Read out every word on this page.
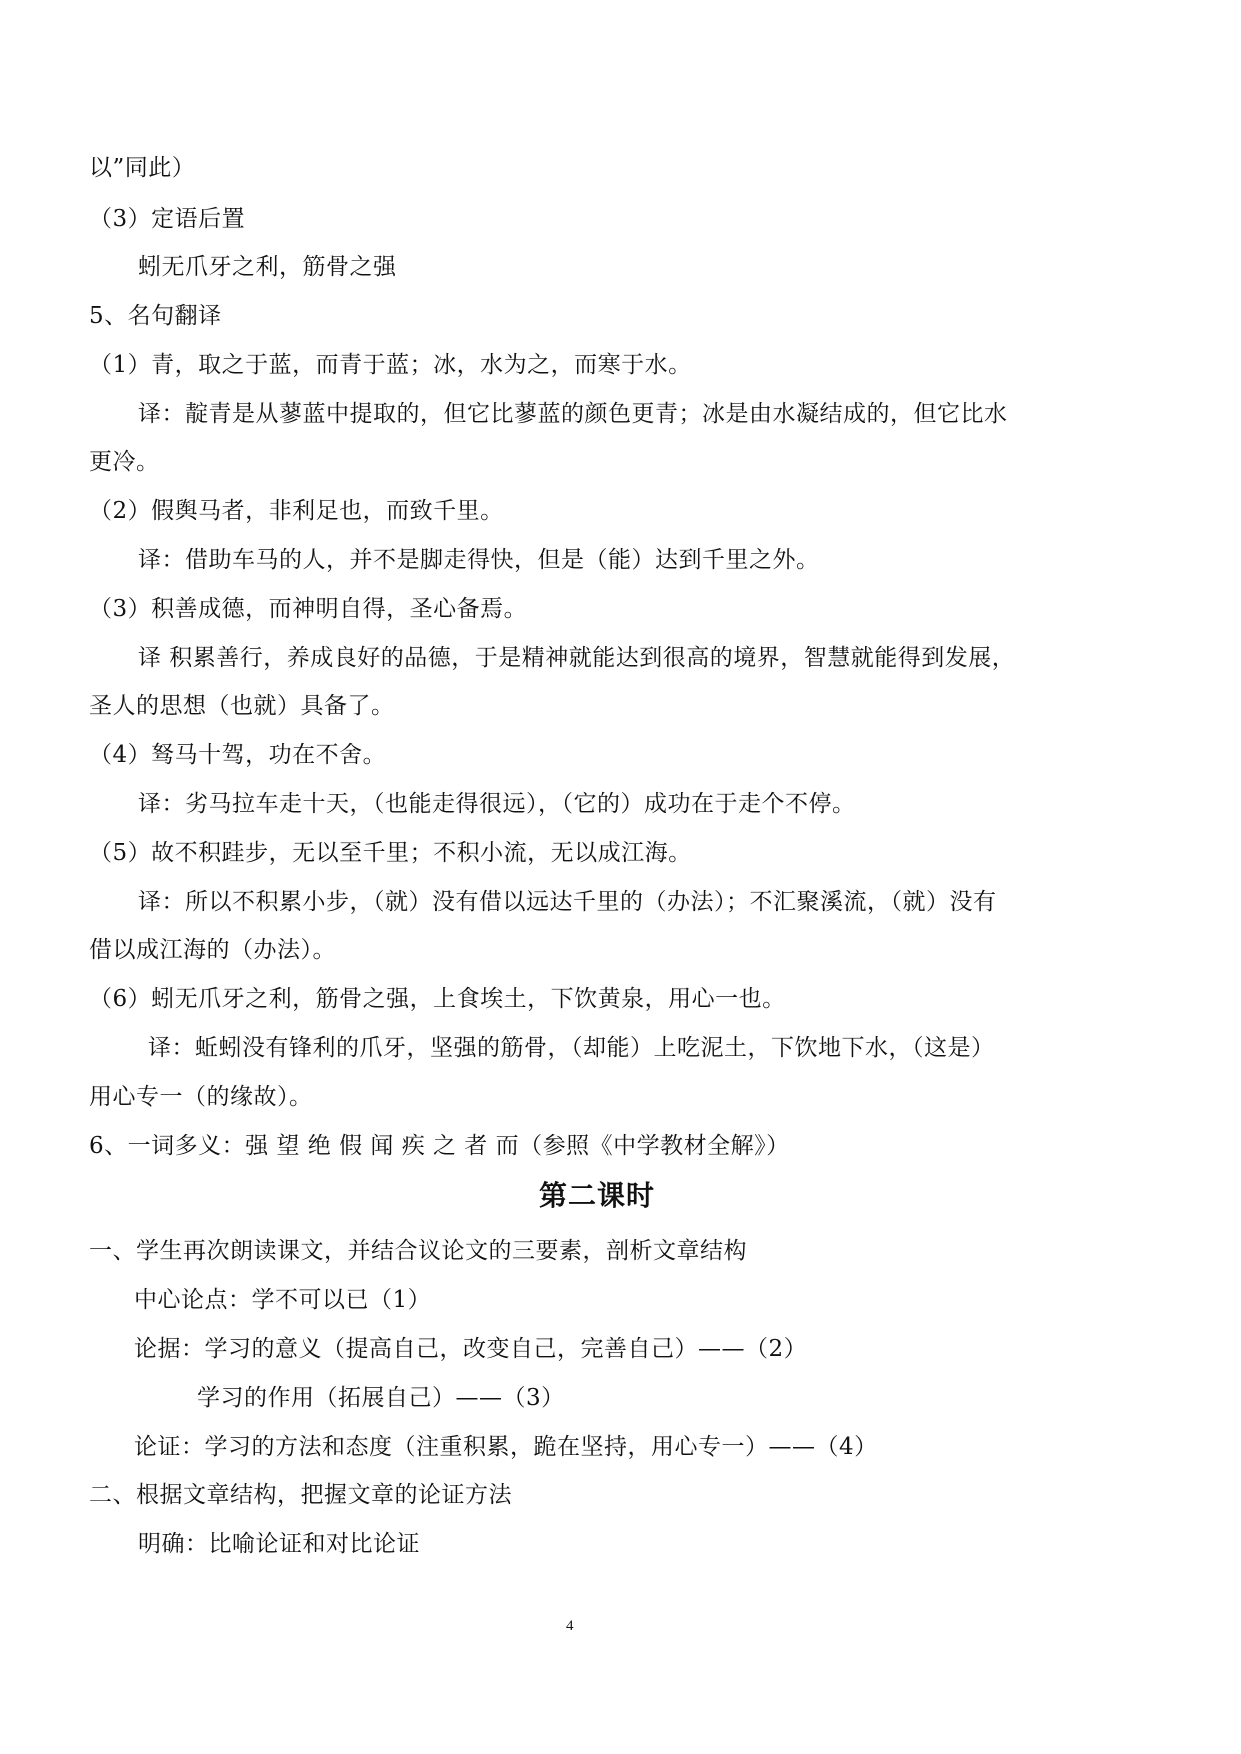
以”同此）
（3）定语后置
蚓无爪牙之利，筋骨之强
5、名句翻译
（1）青，取之于蓝，而青于蓝；冰，水为之，而寒于水。
译：靛青是从蓼蓝中提取的，但它比蓼蓝的颜色更青；冰是由水凝结成的，但它比水
更冷。
（2）假舆马者，非利足也，而致千里。
译：借助车马的人，并不是脚走得快，但是（能）达到千里之外。
（3）积善成德，而神明自得，圣心备焉。
译 积累善行，养成良好的品德，于是精神就能达到很高的境界，智慧就能得到发展，
圣人的思想（也就）具备了。
（4）驽马十驾，功在不舍。
译：劣马拉车走十天，（也能走得很远），（它的）成功在于走个不停。
（5）故不积跬步，无以至千里；不积小流，无以成江海。
译：所以不积累小步，（就）没有借以远达千里的（办法）；不汇聚溪流，（就）没有
借以成江海的（办法）。
（6）蚓无爪牙之利，筋骨之强，上食埃土，下饮黄泉，用心一也。
译：蚯蚓没有锋利的爪牙，坚强的筋骨，（却能）上吃泥土，下饮地下水，（这是）
用心专一（的缘故）。
6、一词多义：强 望 绝 假 闻 疾 之 者 而（参照《中学教材全解》）
第二课时
一、学生再次朗读课文，并结合议论文的三要素，剖析文章结构
中心论点：学不可以已（1）
论据：学习的意义（提高自己，改变自己，完善自己）——（2）
学习的作用（拓展自己）——（3）
论证：学习的方法和态度（注重积累，跪在坚持，用心专一）——（4）
二、根据文章结构，把握文章的论证方法
明确：比喻论证和对比论证
4
